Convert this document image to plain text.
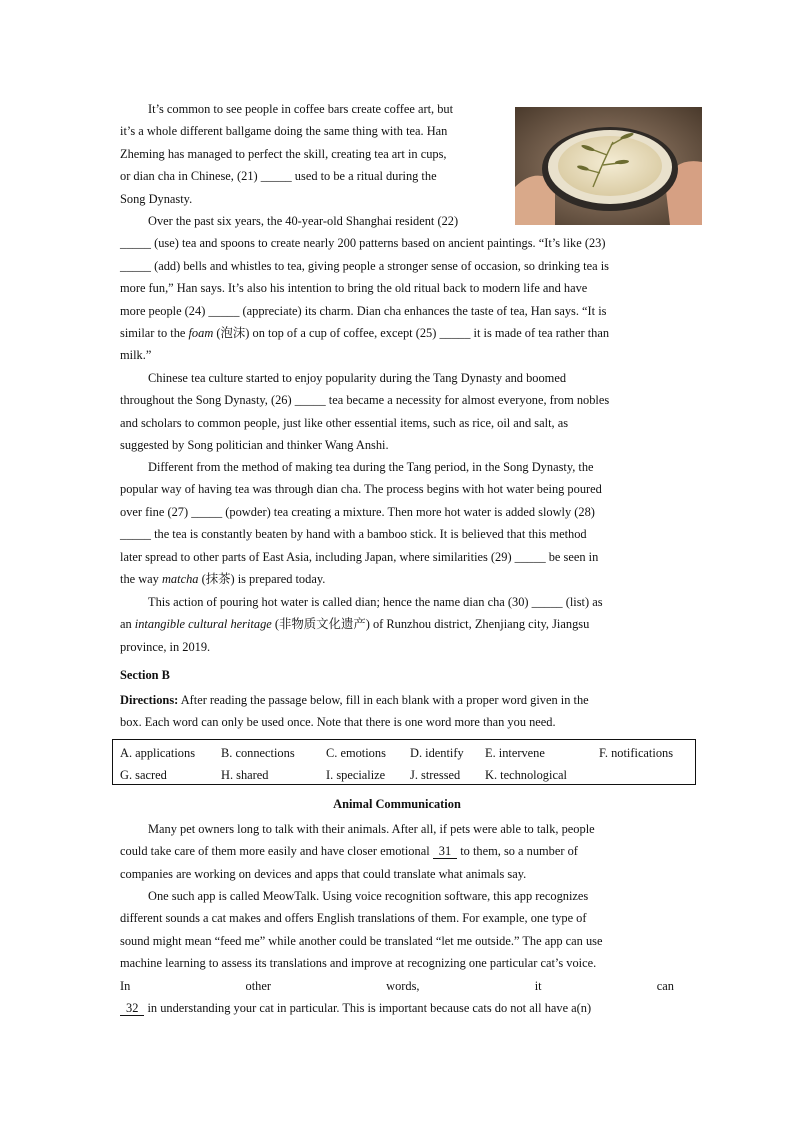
It’s common to see people in coffee bars create coffee art, but
it’s a whole different ballgame doing the same thing with tea. Han
Zheming has managed to perfect the skill, creating tea art in cups,
or dian cha in Chinese, (21) _____ used to be a ritual during the
Song Dynasty.
Over the past six years, the 40-year-old Shanghai resident (22)
_____ (use) tea and spoons to create nearly 200 patterns based on ancient paintings. “It’s like (23)
_____ (add) bells and whistles to tea, giving people a stronger sense of occasion, so drinking tea is
more fun,” Han says. It’s also his intention to bring the old ritual back to modern life and have
more people (24) _____ (appreciate) its charm. Dian cha enhances the taste of tea, Han says. “It is
similar to the foam (泡沫) on top of a cup of coffee, except (25) _____ it is made of tea rather than
milk.”
Chinese tea culture started to enjoy popularity during the Tang Dynasty and boomed
throughout the Song Dynasty, (26) _____ tea became a necessity for almost everyone, from nobles
and scholars to common people, just like other essential items, such as rice, oil and salt, as
suggested by Song politician and thinker Wang Anshi.
Different from the method of making tea during the Tang period, in the Song Dynasty, the
popular way of having tea was through dian cha. The process begins with hot water being poured
over fine (27) _____ (powder) tea creating a mixture. Then more hot water is added slowly (28)
_____ the tea is constantly beaten by hand with a bamboo stick. It is believed that this method
later spread to other parts of East Asia, including Japan, where similarities (29) _____ be seen in
the way matcha (抹茶) is prepared today.
This action of pouring hot water is called dian; hence the name dian cha (30) _____ (list) as
an intangible cultural heritage (非物质文化遗产) of Runzhou district, Zhenjiang city, Jiangsu
province, in 2019.
Section B
Directions: After reading the passage below, fill in each blank with a proper word given in the
box. Each word can only be used once. Note that there is one word more than you need.
A. applications B. connections	C. emotions D. identify E. intervene	F. notifications
G. sacred	H. shared	I. specialize J. stressed K. technological
Animal Communication
Many pet owners long to talk with their animals. After all, if pets were able to talk, people
could take care of them more easily and have closer emotional 31 to them, so a number of
companies are working on devices and apps that could translate what animals say.
One such app is called MeowTalk. Using voice recognition software, this app recognizes
different sounds a cat makes and offers English translations of them. For example, one type of
sound might mean “feed me” while another could be translated “let me outside.” The app can use
machine learning to assess its translations and improve at recognizing one particular cat’s voice.
In	other	words,	it	can
32 in understanding your cat in particular. This is important because cats do not all have a(n)
